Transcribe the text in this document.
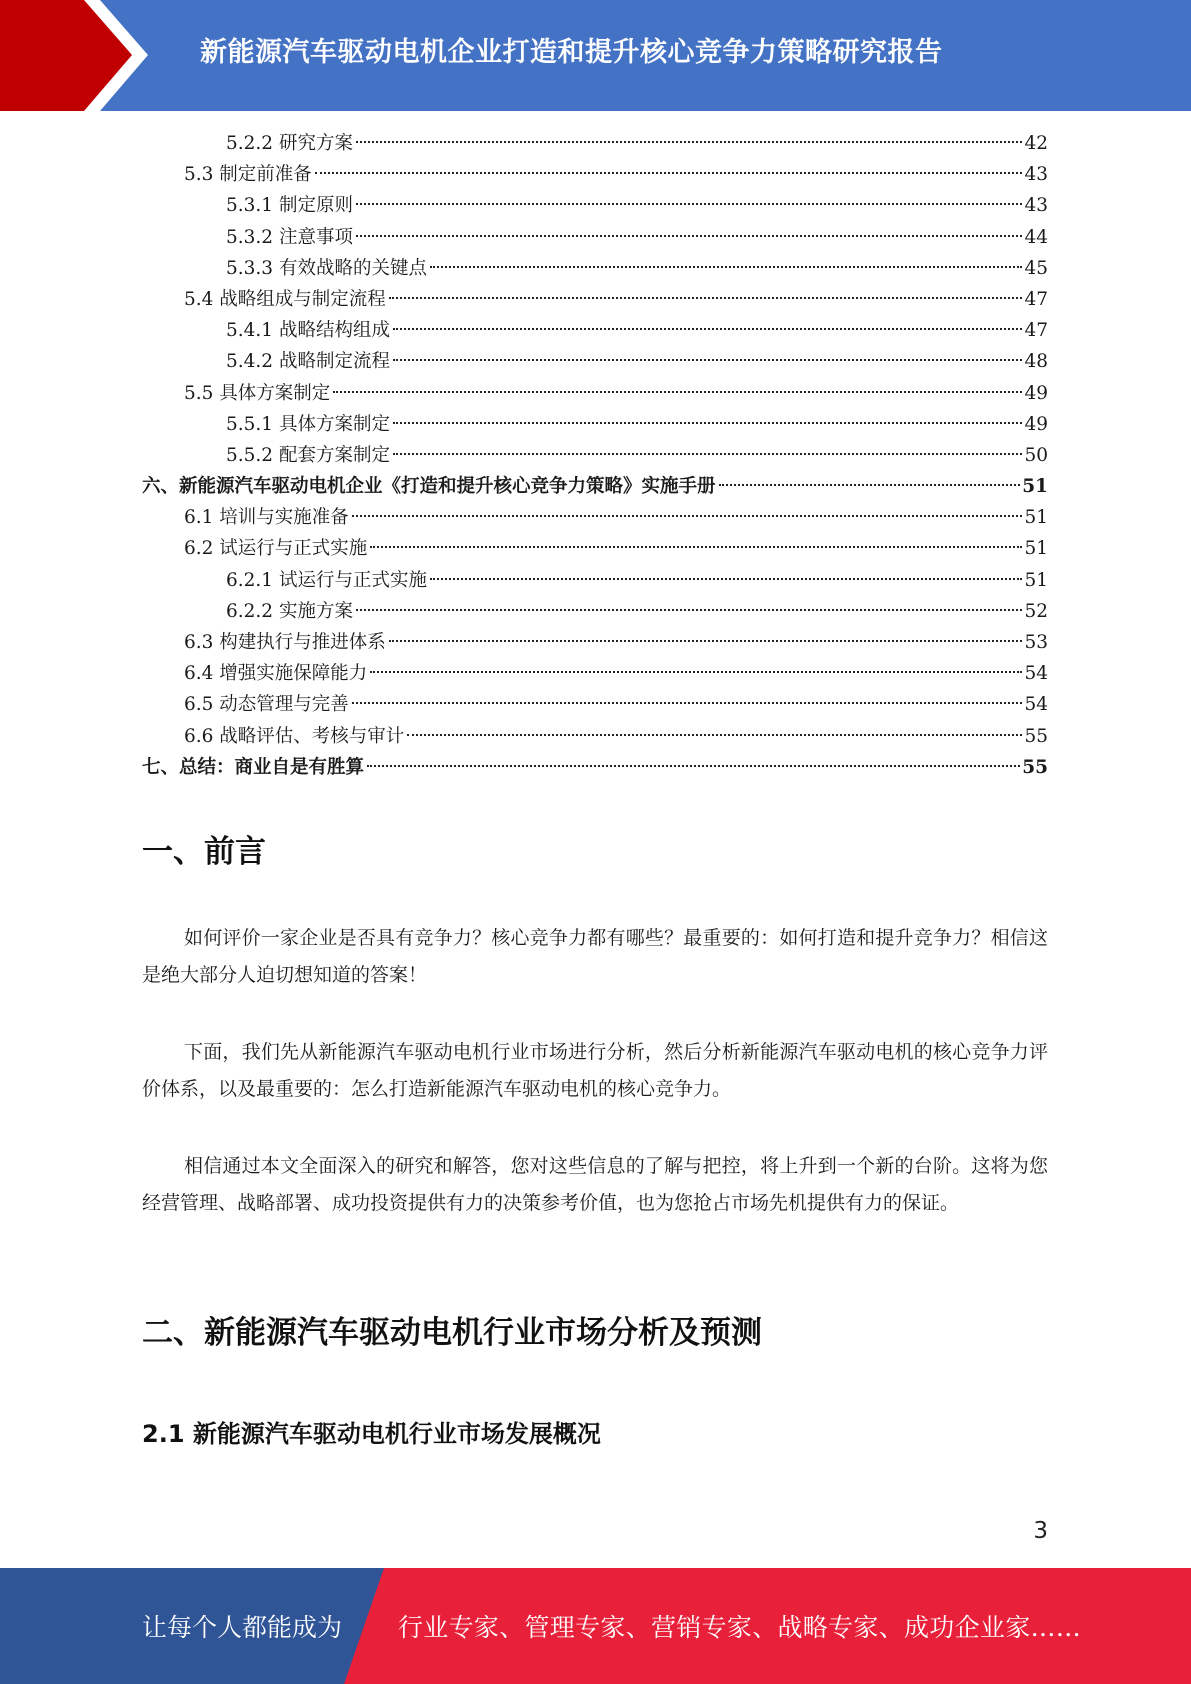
新能源汽车驱动电机企业打造和提升核心竞争力策略研究报告
5.2.2 研究方案	42
5.3 制定前准备	43
5.3.1 制定原则	43
5.3.2 注意事项	44
5.3.3 有效战略的关键点	45
5.4 战略组成与制定流程	47
5.4.1 战略结构组成	47
5.4.2 战略制定流程	48
5.5 具体方案制定	49
5.5.1 具体方案制定	49
5.5.2 配套方案制定	50
六、新能源汽车驱动电机企业《打造和提升核心竞争力策略》实施手册	51
6.1 培训与实施准备	51
6.2 试运行与正式实施	51
6.2.1 试运行与正式实施	51
6.2.2 实施方案	52
6.3 构建执行与推进体系	53
6.4 增强实施保障能力	54
6.5 动态管理与完善	54
6.6 战略评估、考核与审计	55
七、总结：商业自是有胜算	55
一、前言

如何评价一家企业是否具有竞争力？核心竞争力都有哪些？最重要的：如何打造和提升竞争力？相信这是绝大部分人迫切想知道的答案！

下面，我们先从新能源汽车驱动电机行业市场进行分析，然后分析新能源汽车驱动电机的核心竞争力评价体系，以及最重要的：怎么打造新能源汽车驱动电机的核心竞争力。

相信通过本文全面深入的研究和解答，您对这些信息的了解与把控，将上升到一个新的台阶。这将为您经营管理、战略部署、成功投资提供有力的决策参考价值，也为您抢占市场先机提供有力的保证。

二、新能源汽车驱动电机行业市场分析及预测
2.1 新能源汽车驱动电机行业市场发展概况
3
让每个人都能成为 行业专家、管理专家、营销专家、战略专家、成功企业家……
